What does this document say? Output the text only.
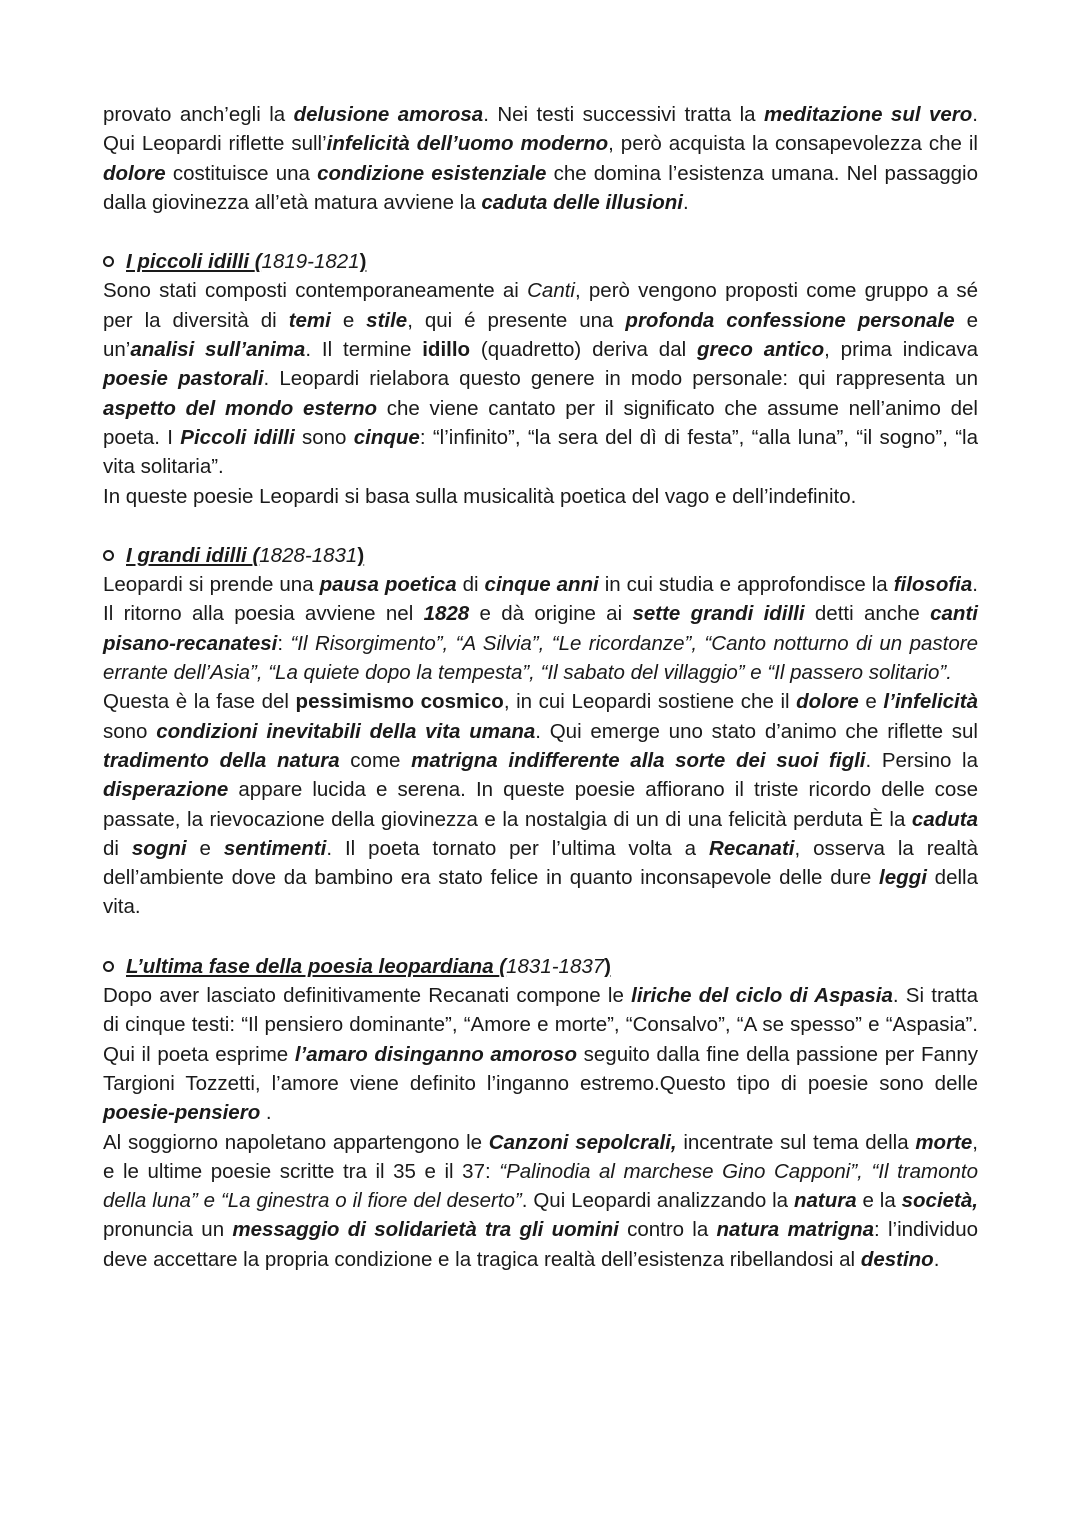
provato anch’egli la delusione amorosa. Nei testi successivi tratta la meditazione sul vero. Qui Leopardi riflette sull’infelicità dell’uomo moderno, però acquista la consapevolezza che il dolore costituisce una condizione esistenziale che domina l’esistenza umana. Nel passaggio dalla giovinezza all’età matura avviene la caduta delle illusioni.

I piccoli idilli (1819-1821)

Sono stati composti contemporaneamente ai Canti, però vengono proposti come gruppo a sé per la diversità di temi e stile, qui é presente una profonda confessione personale e un’analisi sull’anima. Il termine idillo (quadretto) deriva dal greco antico, prima indicava poesie pastorali. Leopardi rielabora questo genere in modo personale: qui rappresenta un aspetto del mondo esterno che viene cantato per il significato che assume nell’animo del poeta. I Piccoli idilli sono cinque: “l’infinito”, “la sera del dì di festa”, “alla luna”, “il sogno”, “la vita solitaria”.

In queste poesie Leopardi si basa sulla musicalità poetica del vago e dell’indefinito.

I grandi idilli (1828-1831)

Leopardi si prende una pausa poetica di cinque anni in cui studia e approfondisce la filosofia. Il ritorno alla poesia avviene nel 1828 e dà origine ai sette grandi idilli detti anche canti pisano-recanatesi: “Il Risorgimento”, “A Silvia”, “Le ricordanze”, “Canto notturno di un pastore errante dell’Asia”, “La quiete dopo la tempesta”, “Il sabato del villaggio” e “Il passero solitario”.

Questa è la fase del pessimismo cosmico, in cui Leopardi sostiene che il dolore e l’infelicità sono condizioni inevitabili della vita umana. Qui emerge uno stato d’animo che riflette sul tradimento della natura come matrigna indifferente alla sorte dei suoi figli. Persino la disperazione appare lucida e serena. In queste poesie affiorano il triste ricordo delle cose passate, la rievocazione della giovinezza e la nostalgia di un di una felicità perduta È la caduta di sogni e sentimenti. Il poeta tornato per l’ultima volta a Recanati, osserva la realtà dell’ambiente dove da bambino era stato felice in quanto inconsapevole delle dure leggi della vita.

L’ultima fase della poesia leopardiana (1831-1837)

Dopo aver lasciato definitivamente Recanati compone le liriche del ciclo di Aspasia. Si tratta di cinque testi: “Il pensiero dominante”, “Amore e morte”, “Consalvo”, “A se spesso” e “Aspasia”. Qui il poeta esprime l’amaro disinganno amoroso seguito dalla fine della passione per Fanny Targioni Tozzetti, l’amore viene definito l’inganno estremo.Questo tipo di poesie sono delle poesie-pensiero .

Al soggiorno napoletano appartengono le Canzoni sepolcrali, incentrate sul tema della morte, e le ultime poesie scritte tra il 35 e il 37: “Palinodia al marchese Gino Capponi”, “Il tramonto della luna” e “La ginestra o il fiore del deserto”. Qui Leopardi analizzando la natura e la società, pronuncia un messaggio di solidarietà tra gli uomini contro la natura matrigna: l’individuo deve accettare la propria condizione e la tragica realtà dell’esistenza ribellandosi al destino.
